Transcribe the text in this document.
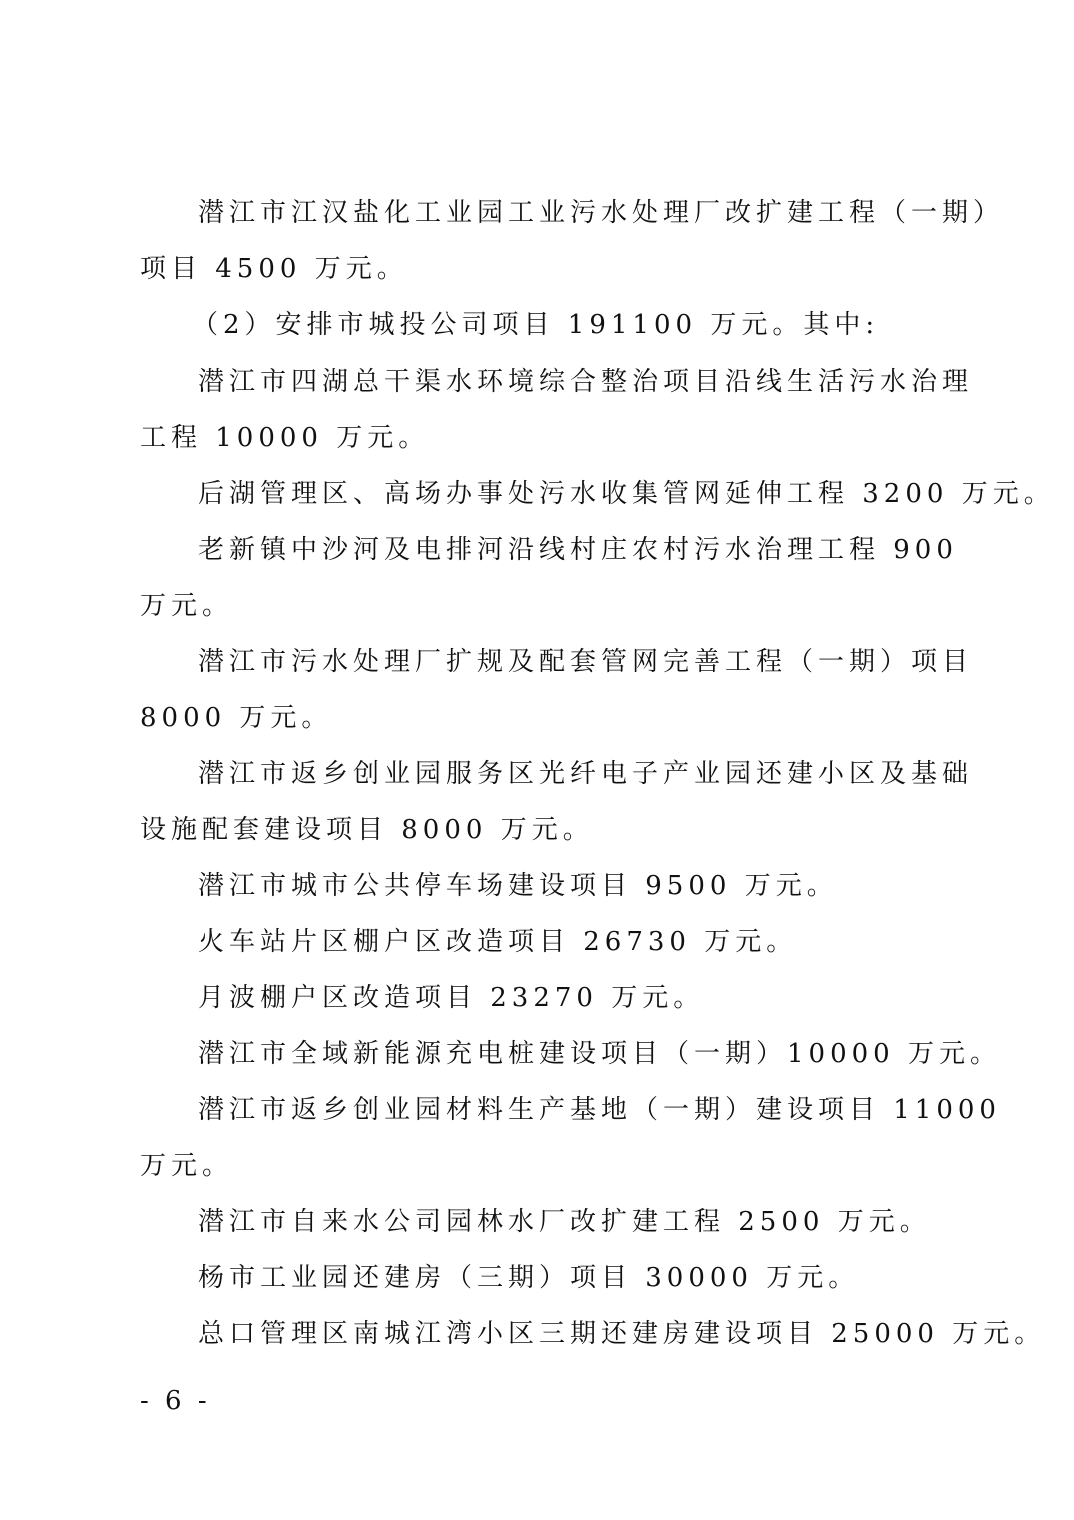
潜江市江汉盐化工业园工业污水处理厂改扩建工程（一期）
项目 4500 万元。
（2）安排市城投公司项目 191100 万元。其中:
潜江市四湖总干渠水环境综合整治项目沿线生活污水治理
工程 10000 万元。
后湖管理区、高场办事处污水收集管网延伸工程 3200 万元。
老新镇中沙河及电排河沿线村庄农村污水治理工程 900
万元。
潜江市污水处理厂扩规及配套管网完善工程（一期）项目
8000 万元。
潜江市返乡创业园服务区光纤电子产业园还建小区及基础
设施配套建设项目 8000 万元。
潜江市城市公共停车场建设项目 9500 万元。
火车站片区棚户区改造项目 26730 万元。
月波棚户区改造项目 23270 万元。
潜江市全域新能源充电桩建设项目（一期）10000 万元。
潜江市返乡创业园材料生产基地（一期）建设项目 11000
万元。
潜江市自来水公司园林水厂改扩建工程 2500 万元。
杨市工业园还建房（三期）项目 30000 万元。
总口管理区南城江湾小区三期还建房建设项目 25000 万元。
- 6 -
